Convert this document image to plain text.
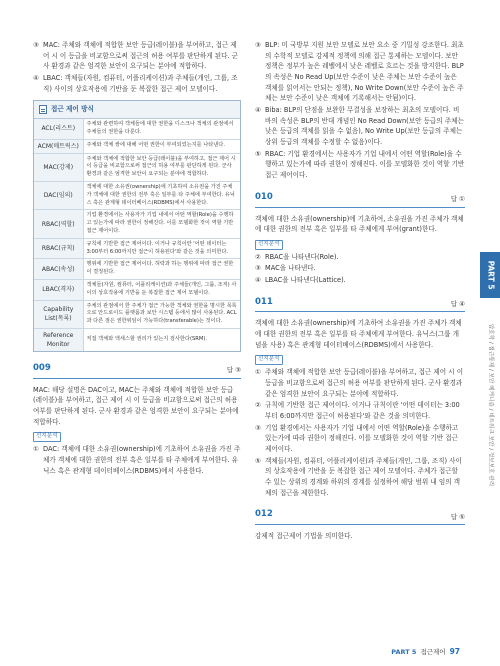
③ MAC: 주체와 객체에 적합한 보안 등급(레이블)을 부여하고, 접근 제어 시 이 등급을 비교함으로써 접근의 허용 여부를 판단하게 된다. 군사 환경과 같은 엄격한 보안이 요구되는 분야에 적합하다.
④ LBAC: 객체들(자원, 컴퓨터, 어플리케이션)과 주체들(개인, 그룹, 조직) 사이의 상호작용에 기반을 둔 복잡한 접근 제어 모델이다.
접근 제어 방식
ACL(리스트)	주체와 관련하여 객체들에 대한 권한을 디스크나 객체의 관점에서 주체들의 권한을 다룬다.
ACM(매트릭스)	주체와 객체 쌍에 대해 어떤 권한이 부여되었는지를 나타낸다.
MAC(강제)	주체와 객체에 적합한 보안 등급(레이블)을 부여하고, 접근 제어 시 이 등급을 비교함으로써 접근의 허용 여부를 판단하게 된다. 군사 환경과 같은 엄격한 보안이 요구되는 분야에 적합하다.
DAC(임의)	객체에 대한 소유권(ownership)에 기초하여 소유권을 가진 주체가 객체에 대한 권한의 전부 혹은 일부를 타 주체에 부여한다. 유닉스 혹은 관계형 데이터베이스(RDBMS)에서 사용한다.
RBAC(역할)	기업 환경에서는 사용자가 기업 내에서 어떤 역할(Role)을 수행하고 있는가에 따라 권한이 정해진다. 이를 모델화한 것이 역할 기반 접근 제어이다.
RBAC(규칙)	규칙에 기반한 접근 제어이다. 이거나 규칙이란 '어떤 데이터는 3:00부터 6:00까지만 접근이 허용된다'와 같은 것을 의미한다.
ABAC(속성)	행위에 기반한 접근 제어이다. 허락과 하는 행위에 따라 접근 권한이 결정된다.
LBAC(격자)	객체들(자원, 컴퓨터, 어플리케이션)과 주체들(개인, 그룹, 조직) 사이의 상호작용에 기반을 둔 복잡한 접근 제어 모델이다.
Capability List(목록)	주체의 관점에서 한 주체가 접근 가능한 객체와 권한을 명시한 목록으로 안드로이드 플랫폼과 보안 시스템 등에서 많이 사용된다. ACL과 다른 점은 권한위임이 가능하다(transferable)는 것이다.
Reference Monitor	직접 객체와 액세스할 권리가 있는지 검사한다(SRM).
009	답 ③
MAC: 해당 설명은 DAC이고, MAC는 주체와 객체에 적합한 보안 등급(레이블)을 부여하고, 접근 제어 시 이 등급을 비교함으로써 접근의 허용 여부를 판단하게 된다. 군사 환경과 같은 엄격한 보안이 요구되는 분야에 적합하다.
선지분석
① DAC: 객체에 대한 소유권(ownership)에 기초하여 소유권을 가진 주체가 객체에 대한 권한의 전부 혹은 일부를 타 주체에게 부여한다. 유닉스 혹은 관계형 데이터베이스(RDBMS)에서 사용한다.
③ BLP: 미 국방부 지원 보안 모델로 보안 요소 중 기밀성 강조한다. 최초의 수학적 모델로 강제적 정책에 의해 접근 통제하는 모델이다. 보안 정책은 정부가 높은 레벨에서 낮은 레벨로 흐르는 것을 방지한다. BLP의 속성은 No Read Up(보안 수준이 낮은 주체는 보안 수준이 높은 객체를 읽어서는 안되는 정책), No Write Down(보안 수준이 높은 주체는 보안 수준이 낮은 객체에 기록해서는 안됨)이다.
④ Biba: BLP의 단점을 보완한 무결성을 보장하는 최초의 모델이다. 비바의 속성은 BLP의 반대 개념인 No Read Down(보안 등급의 주체는 낮은 등급의 객체를 읽을 수 없음), No Write Up(보안 등급의 주체는 상위 등급의 객체를 수정할 수 없음)이다.
⑤ RBAC: 기업 환경에서는 사용자가 기업 내에서 어떤 역할(Role)을 수행하고 있는가에 따라 권한이 정해진다. 이를 모델화한 것이 역할 기반 접근 제어이다.
010	답 ①
객체에 대한 소유권(ownership)에 기초하여, 소유권을 가진 주체가 객체에 대한 권한의 전부 혹은 일부를 타 주체에게 부여(grant)한다.
선지분석
② RBAC을 나타낸다(Role).
③ MAC을 나타낸다.
④ LBAC을 나타낸다(Lattice).
011	답 ④
객체에 대한 소유권(ownership)에 기초하여 소유권을 가진 주체가 객체에 대한 권한의 전부 혹은 일부를 타 주체에게 부여한다. 유닉스(그룹 개념을 사용) 혹은 관계형 데이터베이스(RDBMS)에서 사용한다.
선지분석
① 주체와 객체에 적합한 보안 등급(레이블)을 부여하고, 접근 제어 시 이 등급을 비교함으로써 접근의 허용 여부를 판단하게 된다. 군사 환경과 같은 엄격한 보안이 요구되는 분야에 적합하다.
② 규칙에 기반한 접근 제어이다. 이거나 규칙이란 '어떤 데이터는 3:00부터 6:00까지만 접근이 허용된다'와 같은 것을 의미한다.
③ 기업 환경에서는 사용자가 기업 내에서 어떤 역할(Role)을 수행하고 있는가에 따라 권한이 정해진다. 이를 모델화한 것이 역할 기반 접근 제어이다.
⑤ 객체들(자원, 컴퓨터, 어플리케이션)과 주체들(개인, 그룹, 조직) 사이의 상호작용에 기반을 둔 복잡한 접근 제어 모델이다. 주체가 접근할 수 있는 상위의 경계와 하위의 경계를 설정하여 해당 범위 내 임의 객체의 접근을 제한한다.
012	답 ⑤
강제적 접근제어 기법을 의미한다.
PART 5
암호학 / 접근통제 / 보안 메커니즘 / 네트워크 보안 / 정보보호 관리
PART 5 접근제어 97
